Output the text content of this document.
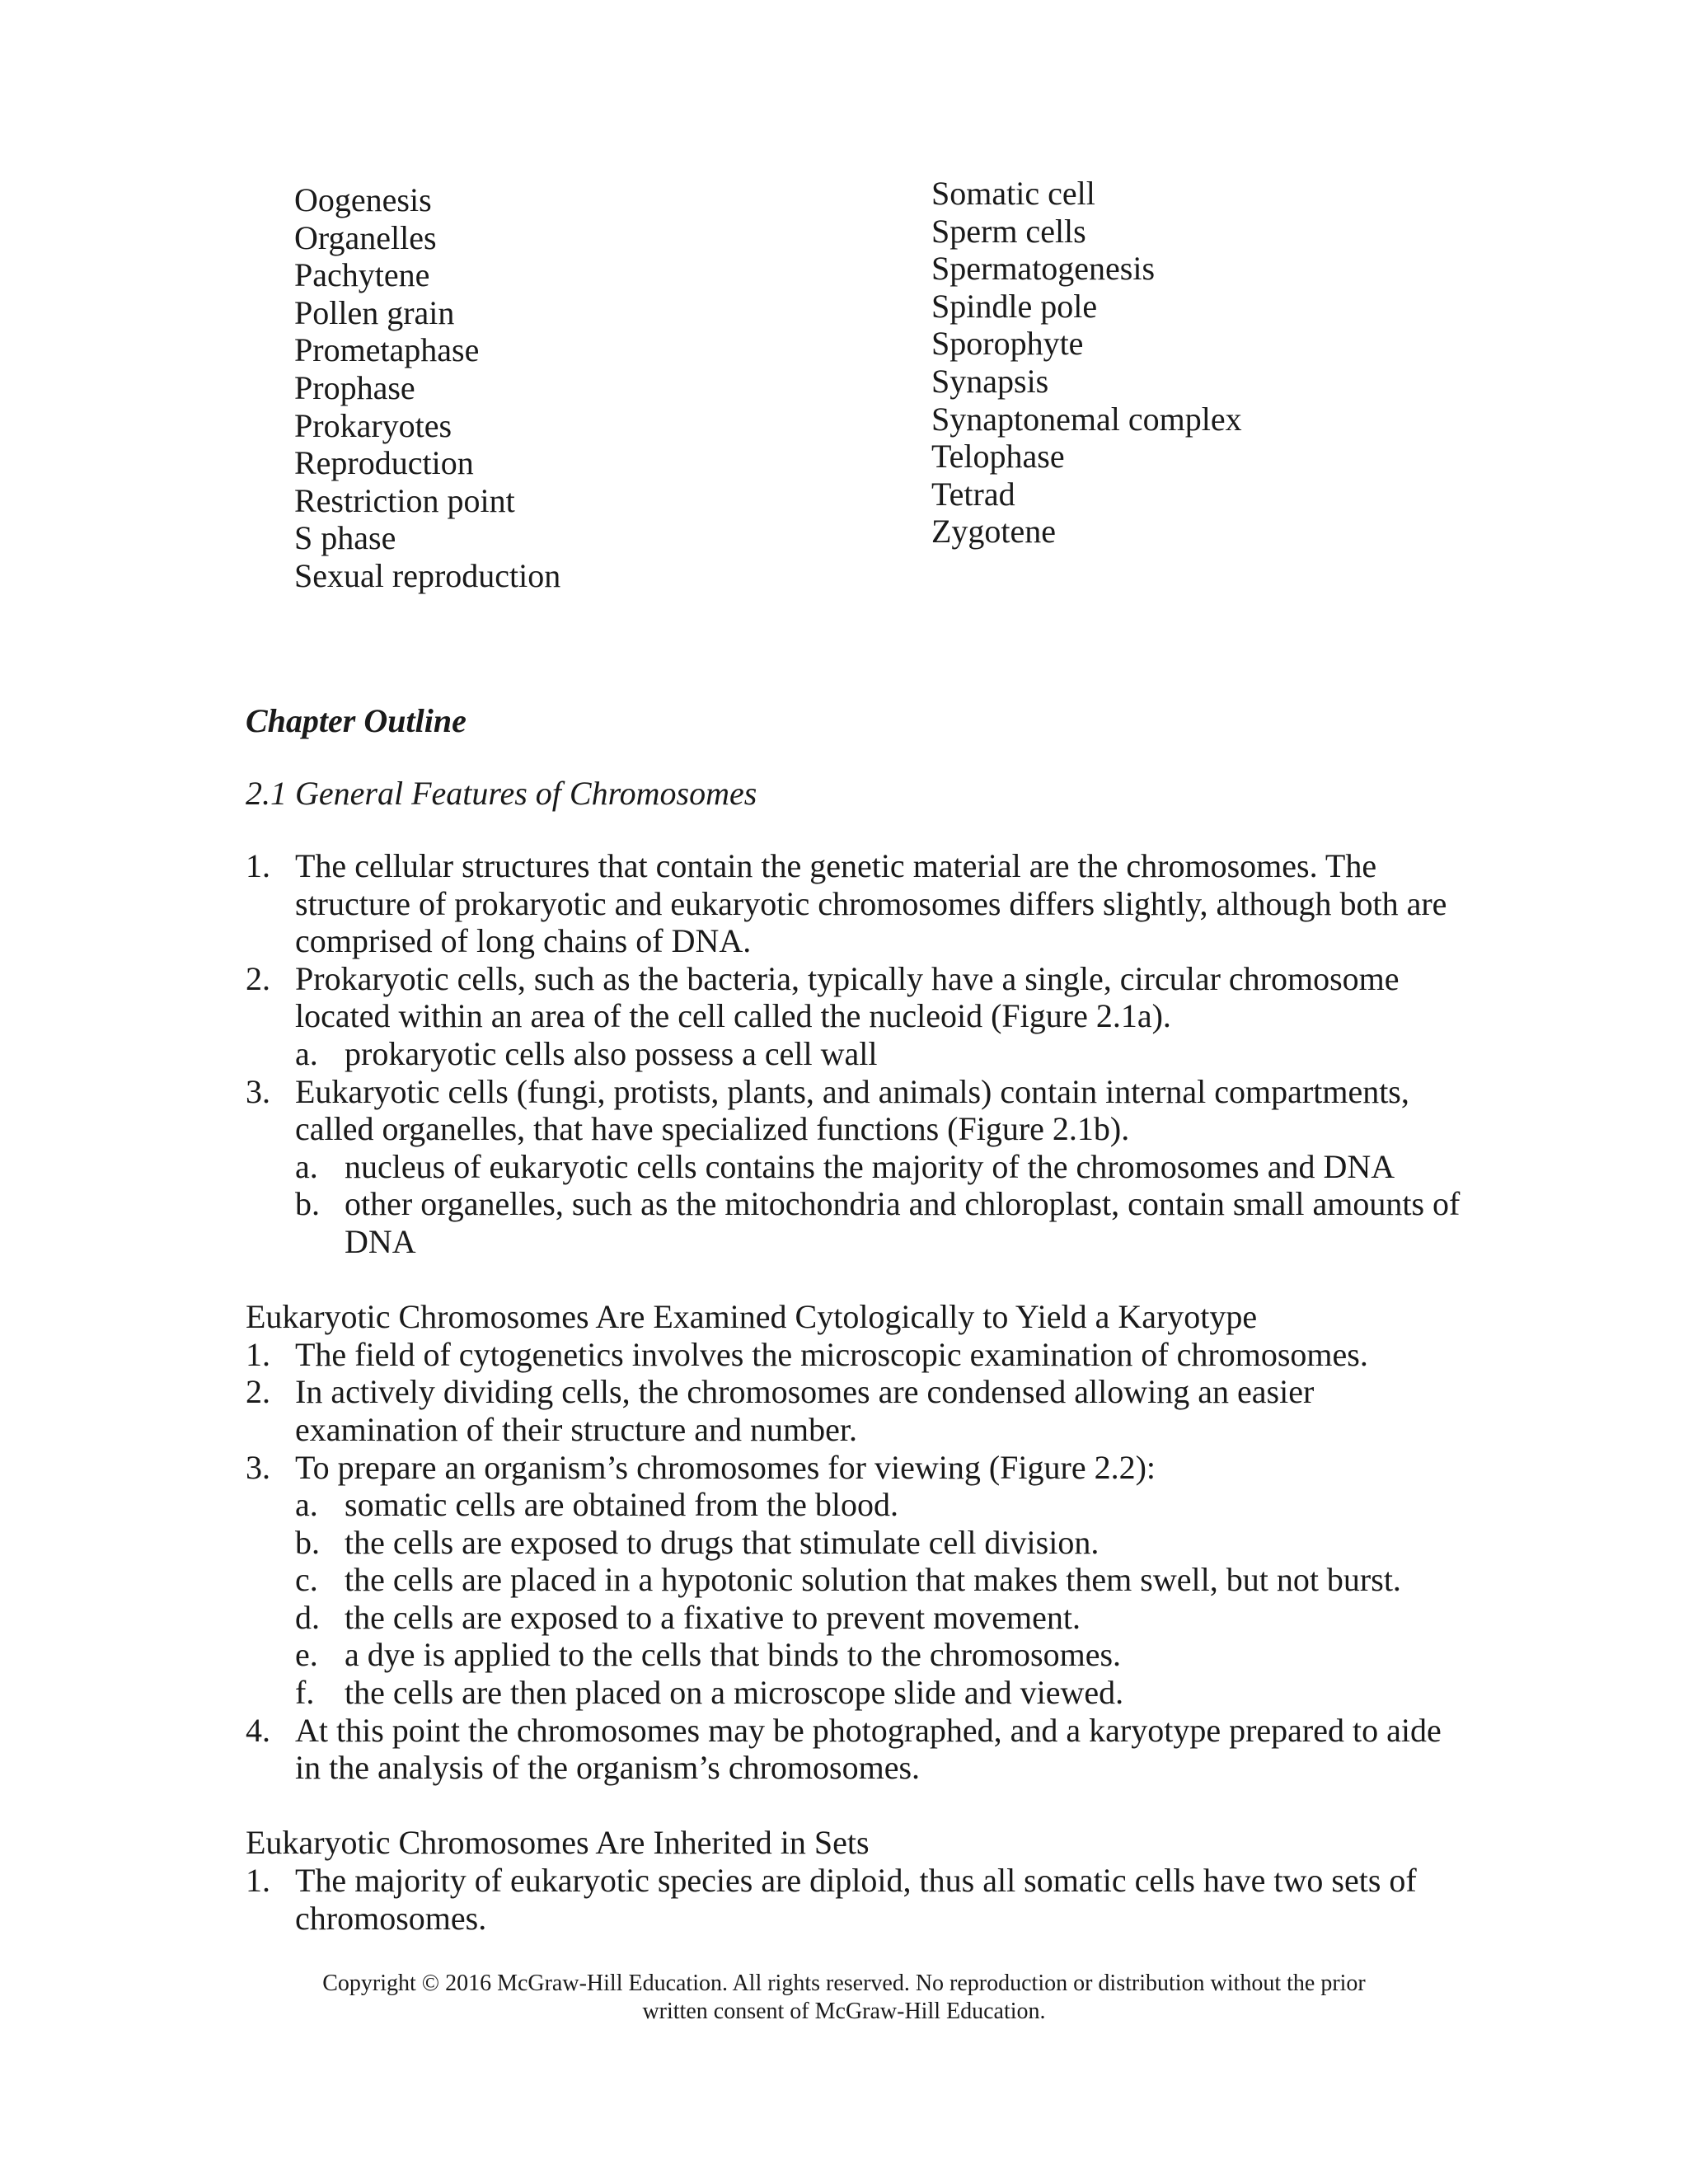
Oogenesis
Organelles
Pachytene
Pollen grain
Prometaphase
Prophase
Prokaryotes
Reproduction
Restriction point
S phase
Sexual reproduction
Somatic cell
Sperm cells
Spermatogenesis
Spindle pole
Sporophyte
Synapsis
Synaptonemal complex
Telophase
Tetrad
Zygotene

Chapter Outline

2.1 General Features of Chromosomes

1. The cellular structures that contain the genetic material are the chromosomes. The structure of prokaryotic and eukaryotic chromosomes differs slightly, although both are comprised of long chains of DNA.
2. Prokaryotic cells, such as the bacteria, typically have a single, circular chromosome located within an area of the cell called the nucleoid (Figure 2.1a).
a. prokaryotic cells also possess a cell wall
3. Eukaryotic cells (fungi, protists, plants, and animals) contain internal compartments, called organelles, that have specialized functions (Figure 2.1b).
a. nucleus of eukaryotic cells contains the majority of the chromosomes and DNA
b. other organelles, such as the mitochondria and chloroplast, contain small amounts of DNA

Eukaryotic Chromosomes Are Examined Cytologically to Yield a Karyotype

1. The field of cytogenetics involves the microscopic examination of chromosomes.
2. In actively dividing cells, the chromosomes are condensed allowing an easier examination of their structure and number.
3. To prepare an organism’s chromosomes for viewing (Figure 2.2):
a. somatic cells are obtained from the blood.
b. the cells are exposed to drugs that stimulate cell division.
c. the cells are placed in a hypotonic solution that makes them swell, but not burst.
d. the cells are exposed to a fixative to prevent movement.
e. a dye is applied to the cells that binds to the chromosomes.
f. the cells are then placed on a microscope slide and viewed.
4. At this point the chromosomes may be photographed, and a karyotype prepared to aide in the analysis of the organism’s chromosomes.

Eukaryotic Chromosomes Are Inherited in Sets

1. The majority of eukaryotic species are diploid, thus all somatic cells have two sets of chromosomes.
Copyright © 2016 McGraw-Hill Education. All rights reserved. No reproduction or distribution without the prior
written consent of McGraw-Hill Education.
